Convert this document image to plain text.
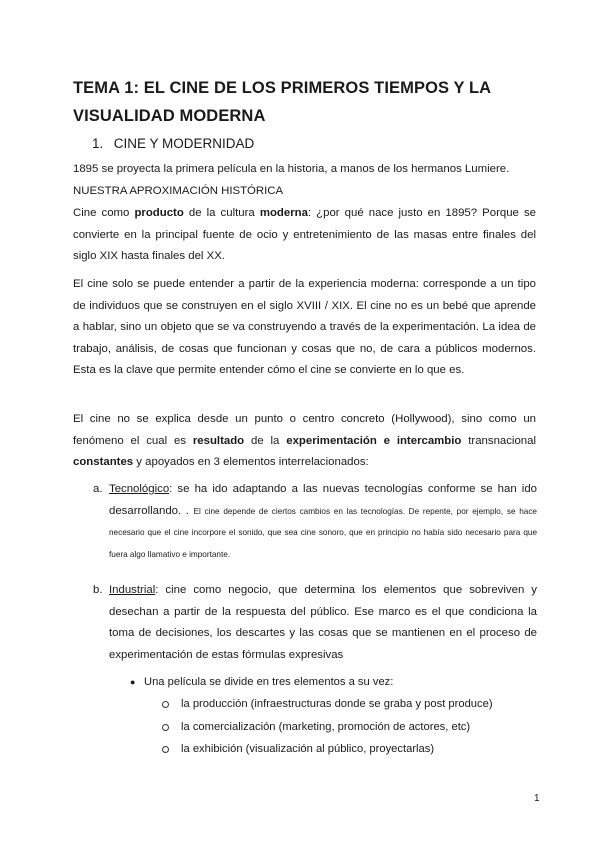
TEMA 1: EL CINE DE LOS PRIMEROS TIEMPOS Y LA VISUALIDAD MODERNA
1. CINE Y MODERNIDAD
1895 se proyecta la primera película en la historia, a manos de los hermanos Lumiere.
NUESTRA APROXIMACIÓN HISTÓRICA
Cine como producto de la cultura moderna: ¿por qué nace justo en 1895? Porque se convierte en la principal fuente de ocio y entretenimiento de las masas entre finales del siglo XIX hasta finales del XX.
El cine solo se puede entender a partir de la experiencia moderna: corresponde a un tipo de individuos que se construyen en el siglo XVIII / XIX. El cine no es un bebé que aprende a hablar, sino un objeto que se va construyendo a través de la experimentación. La idea de trabajo, análisis, de cosas que funcionan y cosas que no, de cara a públicos modernos. Esta es la clave que permite entender cómo el cine se convierte en lo que es.
El cine no se explica desde un punto o centro concreto (Hollywood), sino como un fenómeno el cual es resultado de la experimentación e intercambio transnacional constantes y apoyados en 3 elementos interrelacionados:
a. Tecnológico: se ha ido adaptando a las nuevas tecnologías conforme se han ido desarrollando. . El cine depende de ciertos cambios en las tecnologías. De repente, por ejemplo, se hace necesario que el cine incorpore el sonido, que sea cine sonoro, que en principio no había sido necesario para que fuera algo llamativo e importante.
b. Industrial: cine como negocio, que determina los elementos que sobreviven y desechan a partir de la respuesta del público. Ese marco es el que condiciona la toma de decisiones, los descartes y las cosas que se mantienen en el proceso de experimentación de estas fórmulas expresivas
● Una película se divide en tres elementos a su vez:
la producción (infraestructuras donde se graba y post produce)
la comercialización (marketing, promoción de actores, etc)
la exhibición (visualización al público, proyectarlas)
1
